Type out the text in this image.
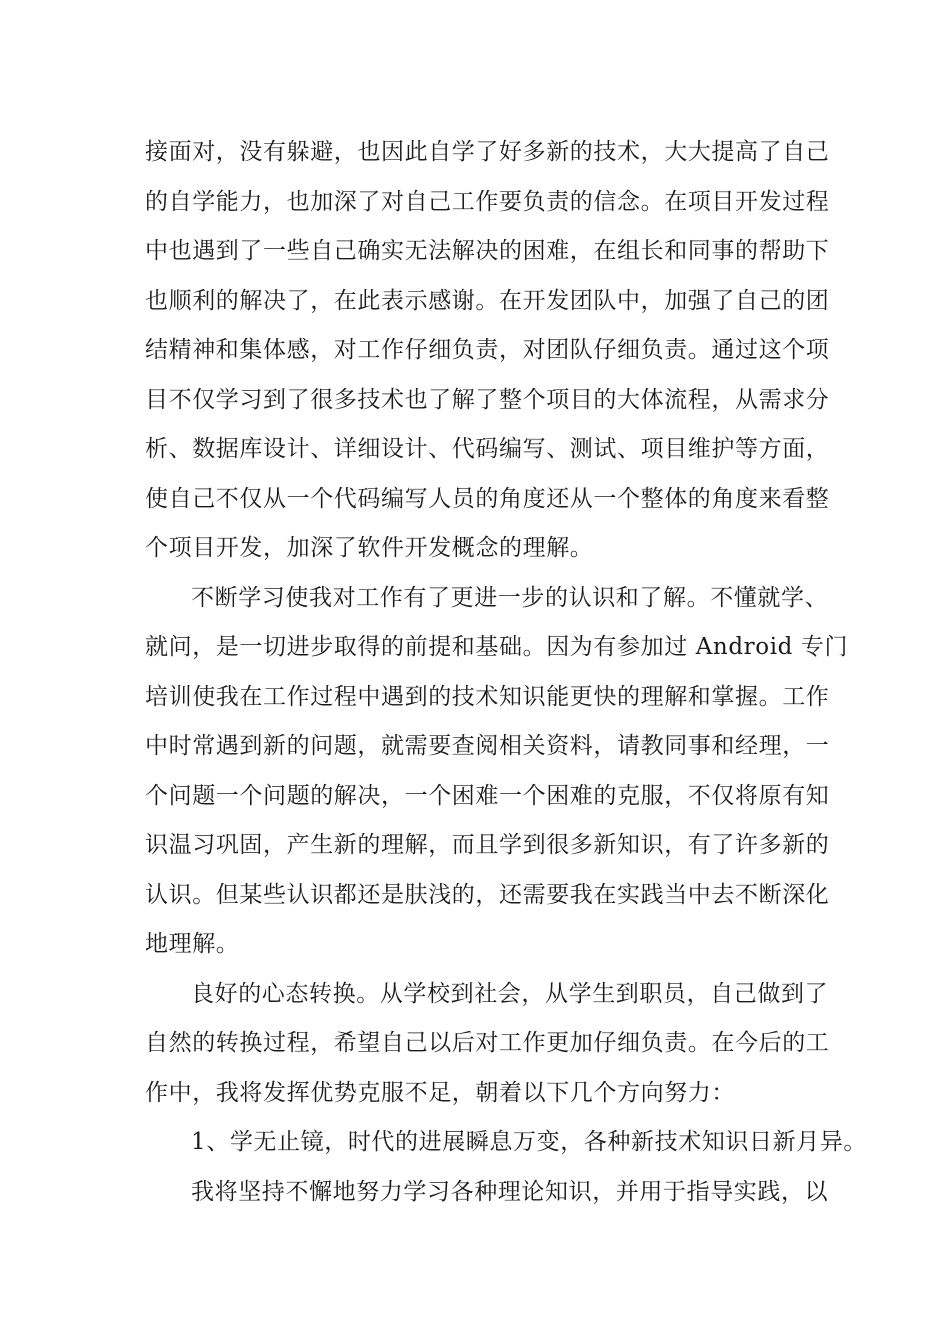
接面对，没有躲避，也因此自学了好多新的技术，大大提高了自己
的自学能力，也加深了对自己工作要负责的信念。在项目开发过程
中也遇到了一些自己确实无法解决的困难，在组长和同事的帮助下
也顺利的解决了，在此表示感谢。在开发团队中，加强了自己的团
结精神和集体感，对工作仔细负责，对团队仔细负责。通过这个项
目不仅学习到了很多技术也了解了整个项目的大体流程，从需求分
析、数据库设计、详细设计、代码编写、测试、项目维护等方面，
使自己不仅从一个代码编写人员的角度还从一个整体的角度来看整
个项目开发，加深了软件开发概念的理解。
不断学习使我对工作有了更进一步的认识和了解。不懂就学、
就问，是一切进步取得的前提和基础。因为有参加过 Android 专门
培训使我在工作过程中遇到的技术知识能更快的理解和掌握。工作
中时常遇到新的问题，就需要查阅相关资料，请教同事和经理，一
个问题一个问题的解决，一个困难一个困难的克服，不仅将原有知
识温习巩固，产生新的理解，而且学到很多新知识，有了许多新的
认识。但某些认识都还是肤浅的，还需要我在实践当中去不断深化
地理解。
良好的心态转换。从学校到社会，从学生到职员，自己做到了
自然的转换过程，希望自己以后对工作更加仔细负责。在今后的工
作中，我将发挥优势克服不足，朝着以下几个方向努力：
1、学无止镜，时代的进展瞬息万变，各种新技术知识日新月异。
我将坚持不懈地努力学习各种理论知识，并用于指导实践，以
